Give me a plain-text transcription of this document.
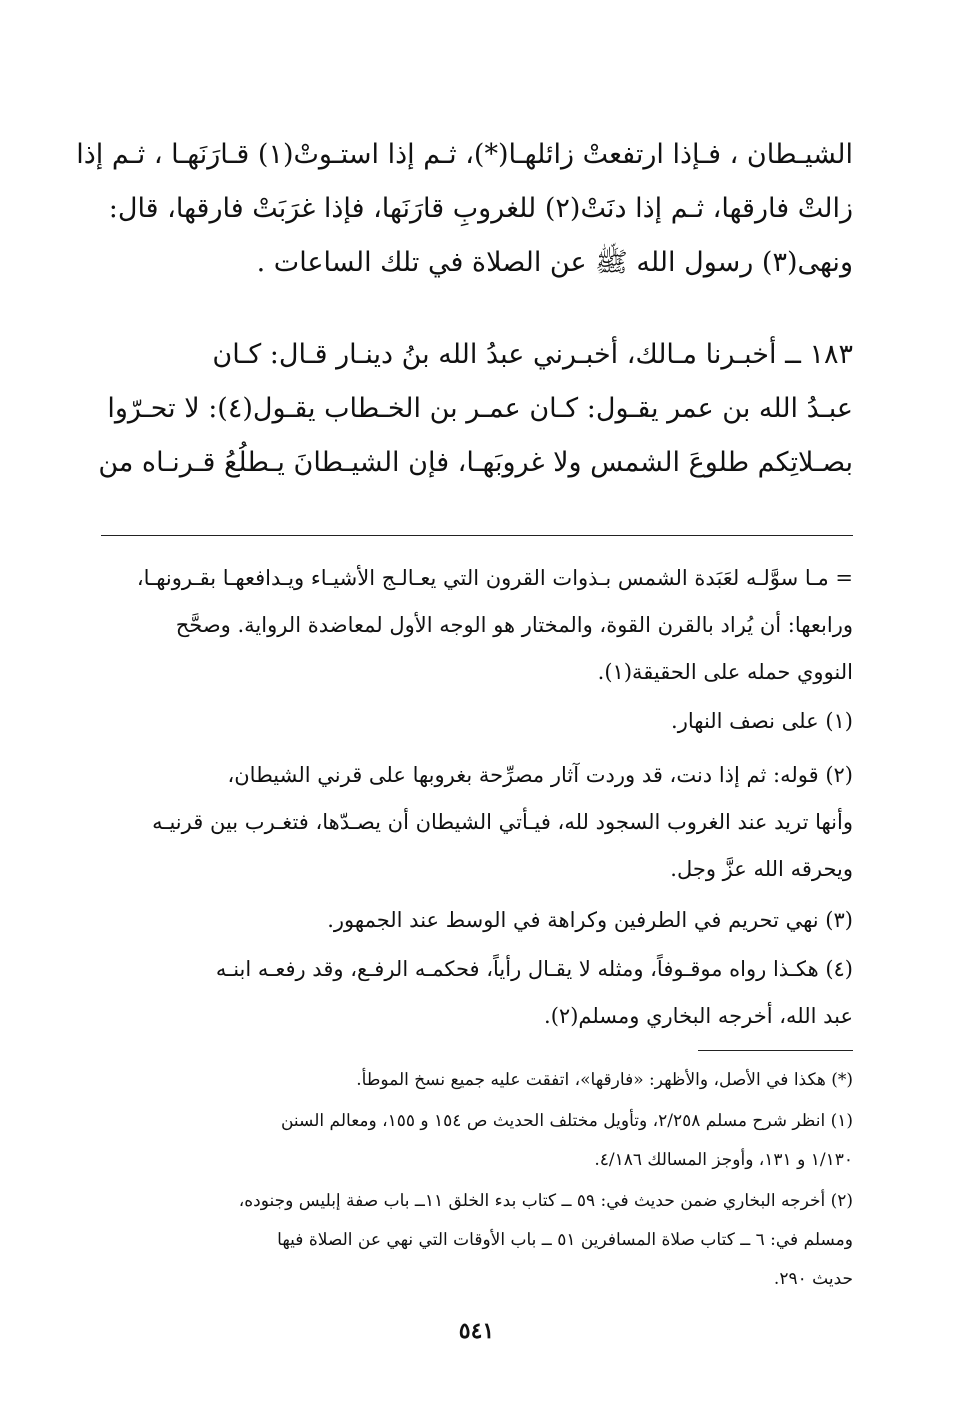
الشيـطان ، فـإذا ارتفعتْ زائلهـا(*)، ثـم إذا استـوتْ(١) قـارَنَهـا ، ثـم إذا
زالتْ فارقها، ثـم إذا دنَتْ(٢) للغروبِ قارَنَها، فإذا غرَبَتْ فارقها، قال:
ونهى(٣) رسول الله ﷺ عن الصلاة في تلك الساعات .
١٨٣ ــ أخبـرنا مـالك، أخبـرني عبدُ الله بنُ دينـار قـال: كـان
عبـدُ الله بن عمر يقـول: كـان عمـر بن الخـطاب يقـول(٤): لا تحـرّوا
بصـلاتِكم طلوعَ الشمس ولا غروبَهـا، فإن الشيـطانَ يـطلُعُ قـرنـاه من
= مـا سوَّلـه لعَبَدة الشمس بـذوات القرون التي يعـالـج الأشيـاء ويـدافعهـا بقـرونهـا،
ورابعها: أن يُراد بالقرن القوة، والمختار هو الوجه الأول لمعاضدة الرواية. وصحَّح
النووي حمله على الحقيقة(١).
(١) على نصف النهار.
(٢) قوله: ثم إذا دنت، قد وردت آثار مصرِّحة بغروبها على قرني الشيطان،
وأنها تريد عند الغروب السجود لله، فيـأتي الشيطان أن يصـدّها، فتغـرب بين قرنيـه
ويحرقه الله عزَّ وجل.
(٣) نهي تحريم في الطرفين وكراهة في الوسط عند الجمهور.
(٤) هكـذا رواه موقـوفاً، ومثله لا يقـال رأياً، فحكمـه الرفـع، وقد رفعـه ابنـه
عبد الله، أخرجه البخاري ومسلم(٢).
(*) هكذا في الأصل، والأظهر: «فارقها»، اتفقت عليه جميع نسخ الموطأ.
(١) انظر شرح مسلم ٢/٢٥٨، وتأويل مختلف الحديث ص ١٥٤ و ١٥٥، ومعالم السنن
١/١٣٠ و ١٣١، وأوجز المسالك ٤/١٨٦.
(٢) أخرجه البخاري ضمن حديث في: ٥٩ ــ كتاب بدء الخلق ١١ــ باب صفة إبليس وجنوده،
ومسلم في: ٦ ــ كتاب صلاة المسافرين ٥١ ــ باب الأوقات التي نهي عن الصلاة فيها
حديث ٢٩٠.
٥٤١
